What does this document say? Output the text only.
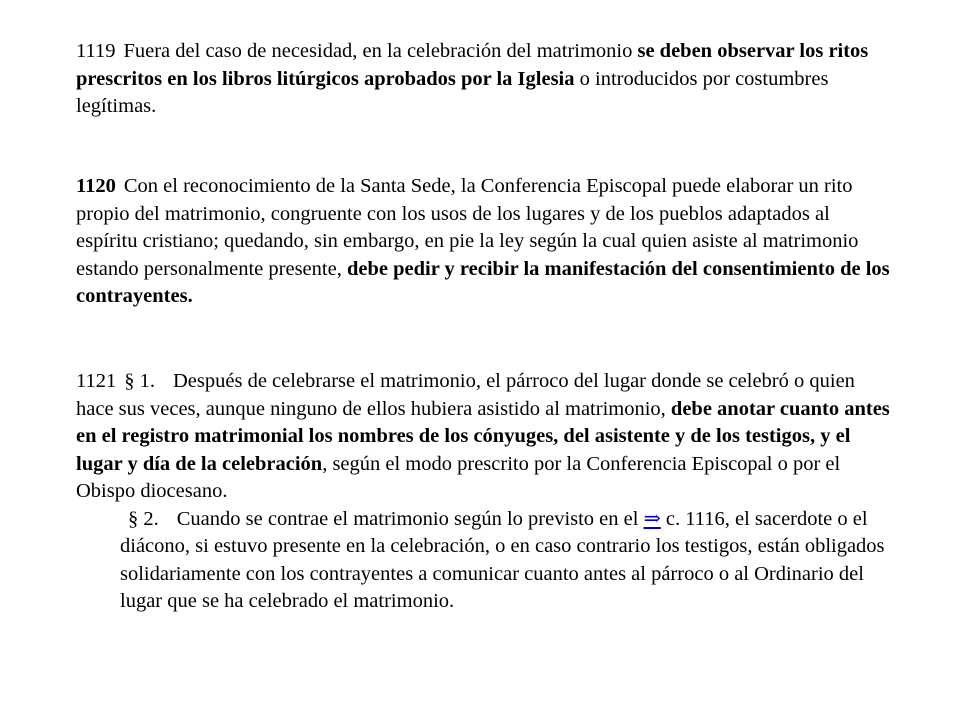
1119 Fuera del caso de necesidad, en la celebración del matrimonio se deben observar los ritos prescritos en los libros litúrgicos aprobados por la Iglesia o introducidos por costumbres legítimas.

1120 Con el reconocimiento de la Santa Sede, la Conferencia Episcopal puede elaborar un rito propio del matrimonio, congruente con los usos de los lugares y de los pueblos adaptados al espíritu cristiano; quedando, sin embargo, en pie la ley según la cual quien asiste al matrimonio estando personalmente presente, debe pedir y recibir la manifestación del consentimiento de los contrayentes.

1121 § 1. Después de celebrarse el matrimonio, el párroco del lugar donde se celebró o quien hace sus veces, aunque ninguno de ellos hubiera asistido al matrimonio, debe anotar cuanto antes en el registro matrimonial los nombres de los cónyuges, del asistente y de los testigos, y el lugar y día de la celebración, según el modo prescrito por la Conferencia Episcopal o por el Obispo diocesano.

§ 2. Cuando se contrae el matrimonio según lo previsto en el ⇒ c. 1116, el sacerdote o el diácono, si estuvo presente en la celebración, o en caso contrario los testigos, están obligados solidariamente con los contrayentes a comunicar cuanto antes al párroco o al Ordinario del lugar que se ha celebrado el matrimonio.
